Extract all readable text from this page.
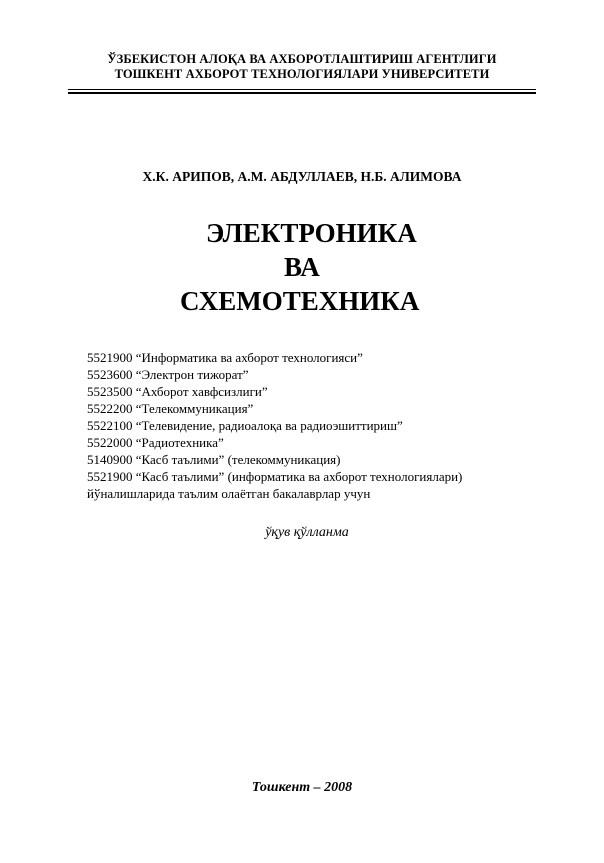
ЎЗБЕКИСТОН АЛОҚА ВА АХБОРОТЛАШТИРИШ АГЕНТЛИГИ
ТОШКЕНТ АХБОРОТ ТЕХНОЛОГИЯЛАРИ УНИВЕРСИТЕТИ
Х.К. АРИПОВ, А.М. АБДУЛЛАЕВ, Н.Б. АЛИМОВА
ЭЛЕКТРОНИКА
ВА
СХЕМОТЕХНИКА
5521900 “Информатика ва ахборот технологияси”
5523600 “Электрон тижорат”
5523500 “Ахборот хавфсизлиги”
5522200 “Телекоммуникация”
5522100 “Телевидение, радиоалоқа ва радиоэшиттириш”
5522000 “Радиотехника”
5140900 “Касб таълими” (телекоммуникация)
5521900 “Касб таълими” (информатика ва ахборот технологиялари)
йўналишларида таълим олаётган бакалаврлар учун
ўқув қўлланма
Тошкент – 2008
